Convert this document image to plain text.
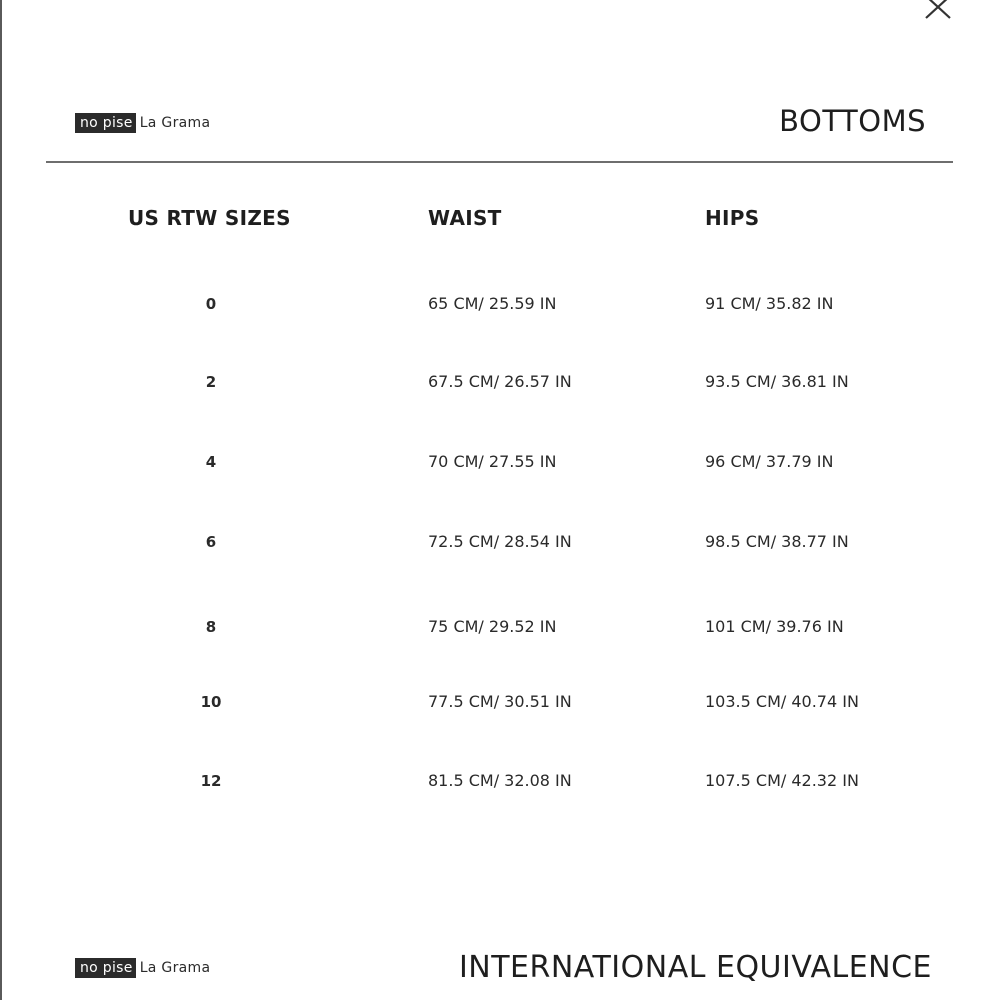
no pise La Grama	BOTTOMS
US RTW SIZES	WAIST	HIPS
0	65 CM/ 25.59 IN	91 CM/ 35.82 IN
2	67.5 CM/ 26.57 IN	93.5 CM/ 36.81 IN
4	70 CM/ 27.55 IN	96 CM/ 37.79 IN
6	72.5 CM/ 28.54 IN	98.5 CM/ 38.77 IN
8	75 CM/ 29.52 IN	101 CM/ 39.76 IN
10	77.5 CM/ 30.51 IN	103.5 CM/ 40.74 IN
12	81.5 CM/ 32.08 IN	107.5 CM/ 42.32 IN
no pise La Grama	INTERNATIONAL EQUIVALENCE
